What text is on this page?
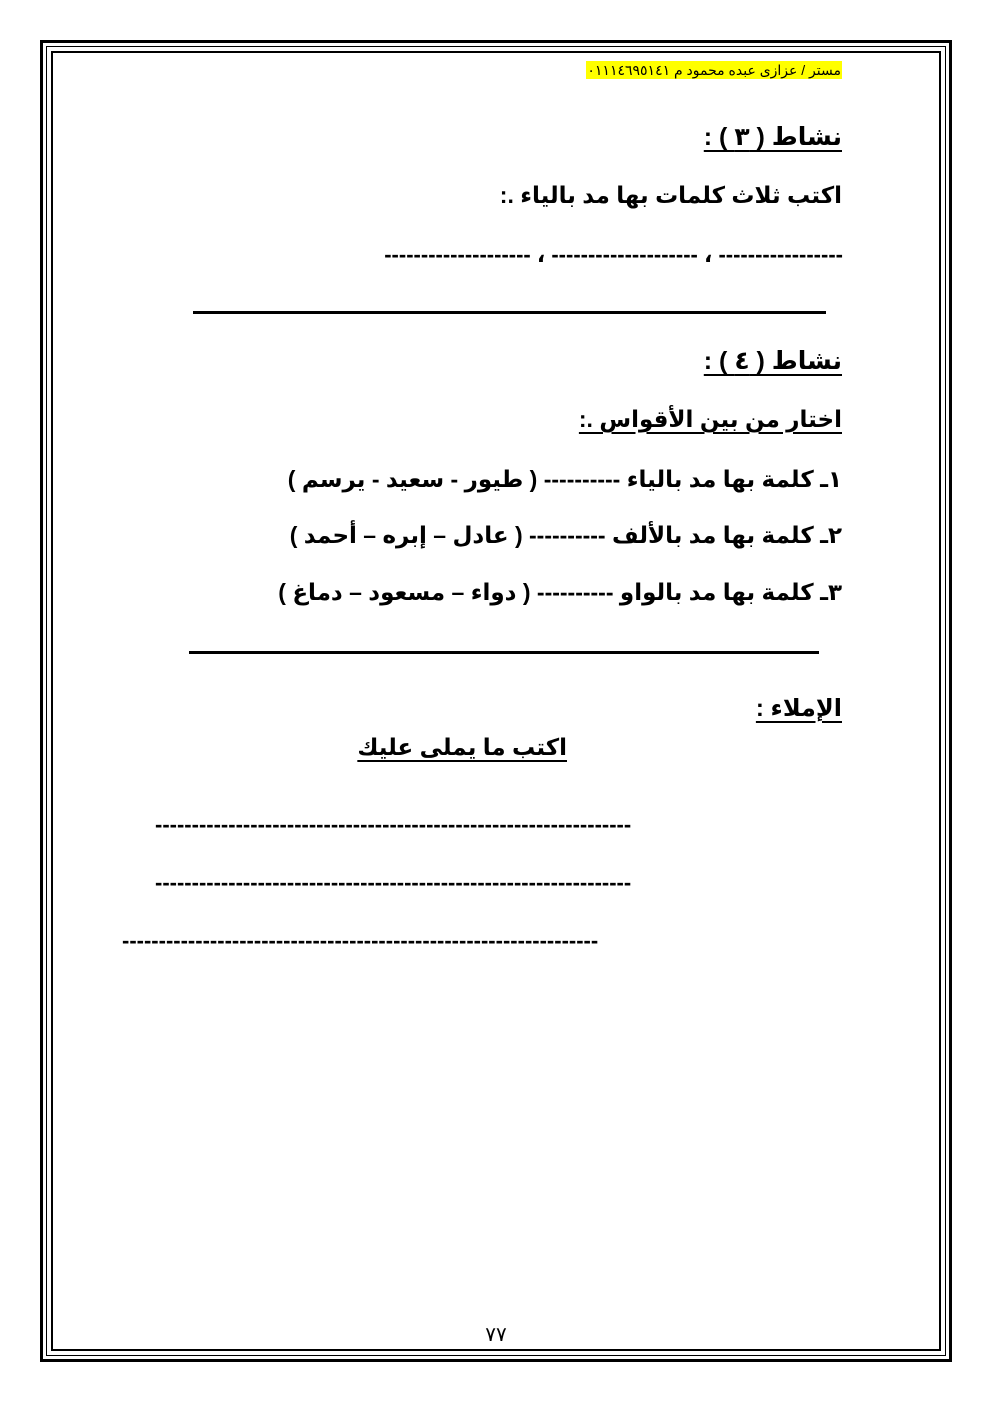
مستر / عزازى عبده محمود م ٠١١١٤٦٩٥١٤١
نشاط ( ٣ ) :
اكتب ثلاث كلمات بها مد بالياء .:
----------------- ، -------------------- ، --------------------
نشاط ( ٤ ) :
اختار من بين الأقواس .:
١ـ كلمة بها مد بالياء ---------- ( طيور - سعيد - يرسم )
٢ـ كلمة بها مد بالألف ---------- ( عادل – إبره – أحمد )
٣ـ كلمة بها مد بالواو ---------- ( دواء – مسعود – دماغ )
الإملاء :
اكتب ما يملى عليك
-----------------------------------------------------------------
-----------------------------------------------------------------
-----------------------------------------------------------------
٧٧
